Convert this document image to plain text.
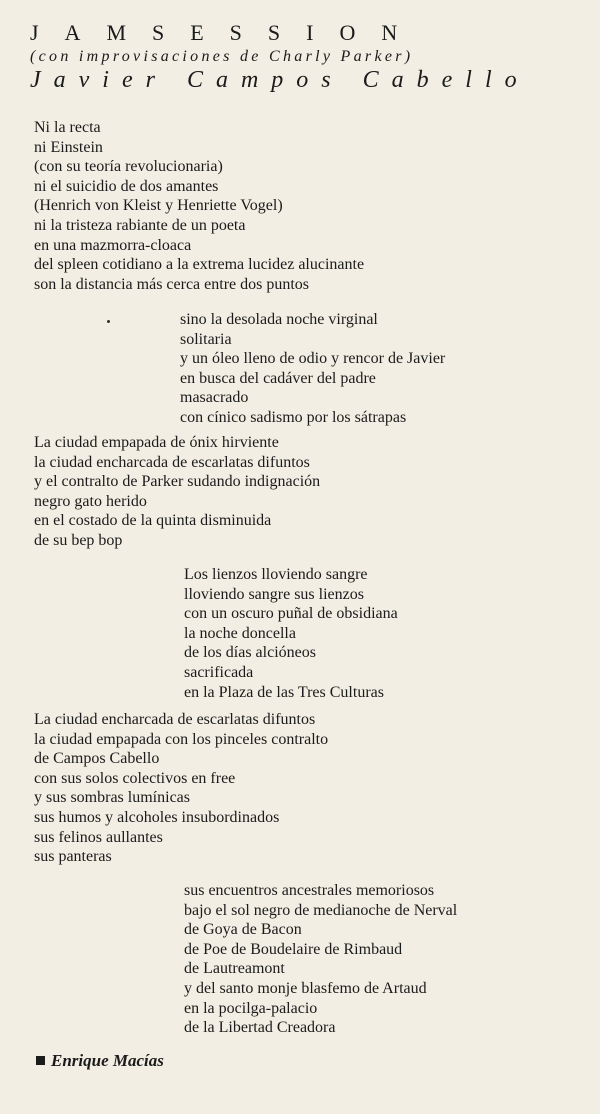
JAMSESSION
(con improvisaciones de Charly Parker)
Javier Campos Cabello
Ni la recta
ni Einstein
(con su teoría revolucionaria)
ni el suicidio de dos amantes
(Henrich von Kleist y Henriette Vogel)
ni la tristeza rabiante de un poeta
en una mazmorra-cloaca
del spleen cotidiano a la extrema lucidez alucinante
son la distancia más cerca entre dos puntos
sino la desolada noche virginal
solitaria
y un óleo lleno de odio y rencor de Javier
en busca del cadáver del padre
masacrado
con cínico sadismo por los sátrapas
La ciudad empapada de ónix hirviente
la ciudad encharcada de escarlatas difuntos
y el contralto de Parker sudando indignación
negro gato herido
en el costado de la quinta disminuida
de su bep bop
Los lienzos lloviendo sangre
lloviendo sangre sus lienzos
con un oscuro puñal de obsidiana
la noche doncella
de los días alcióneos
sacrificada
en la Plaza de las Tres Culturas
La ciudad encharcada de escarlatas difuntos
la ciudad empapada con los pinceles contralto
de Campos Cabello
con sus solos colectivos en free
y sus sombras lumínicas
sus humos y alcoholes insubordinados
sus felinos aullantes
sus panteras
sus encuentros ancestrales memoriosos
bajo el sol negro de medianoche de Nerval
de Goya de Bacon
de Poe de Boudelaire de Rimbaud
de Lautreamont
y del santo monje blasfemo de Artaud
en la pocilga-palacio
de la Libertad Creadora
Enrique Macías
